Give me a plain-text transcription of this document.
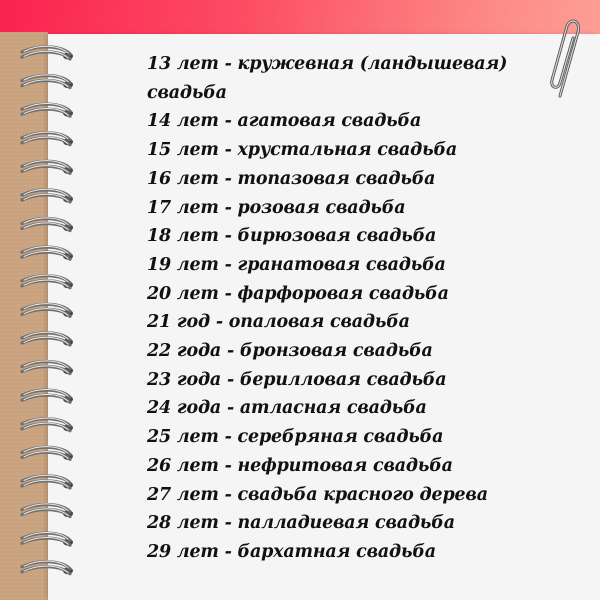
13 лет - кружевная (ландышевая)
свадьба
14 лет - агатовая свадьба
15 лет - хрустальная свадьба
16 лет - топазовая свадьба
17 лет - розовая свадьба
18 лет - бирюзовая свадьба
19 лет - гранатовая свадьба
20 лет - фарфоровая свадьба
21 год - опаловая свадьба
22 года - бронзовая свадьба
23 года - берилловая свадьба
24 года - атласная свадьба
25 лет - серебряная свадьба
26 лет - нефритовая свадьба
27 лет - свадьба красного дерева
28 лет - палладиевая свадьба
29 лет - бархатная свадьба
